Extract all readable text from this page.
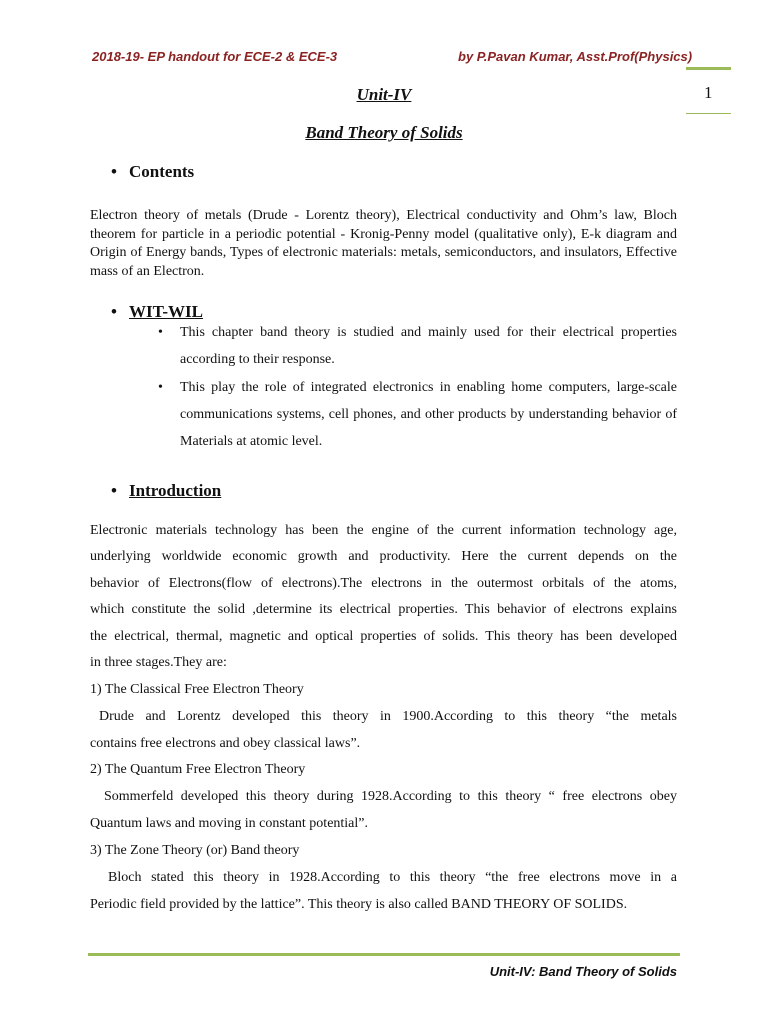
2018-19- EP handout for ECE-2 & ECE-3	by P.Pavan Kumar, Asst.Prof(Physics)
1
Unit-IV
Band Theory of Solids
• Contents
Electron theory of metals (Drude - Lorentz theory), Electrical conductivity and Ohm’s law, Bloch theorem for particle in a periodic potential - Kronig-Penny model (qualitative only), E-k diagram and Origin of Energy bands, Types of electronic materials: metals, semiconductors, and insulators, Effective mass of an Electron.
• WIT-WIL
• This chapter band theory is studied and mainly used for their electrical properties according to their response.
• This play the role of integrated electronics in enabling home computers, large-scale communications systems, cell phones, and other products by understanding behavior of Materials at atomic level.
• Introduction
Electronic materials technology has been the engine of the current information technology age,
underlying worldwide economic growth and productivity. Here the current depends on the
behavior of Electrons(flow of electrons).The electrons in the outermost orbitals of the atoms,
which constitute the solid ,determine its electrical properties. This behavior of electrons explains
the electrical, thermal, magnetic and optical properties of solids. This theory has been developed
in three stages.They are:
1) The Classical Free Electron Theory
Drude and Lorentz developed this theory in 1900.According to this theory “the metals
contains free electrons and obey classical laws”.
2) The Quantum Free Electron Theory
Sommerfeld developed this theory during 1928.According to this theory “ free electrons obey
Quantum laws and moving in constant potential”.
3) The Zone Theory (or) Band theory
Bloch stated this theory in 1928.According to this theory “the free electrons move in a
Periodic field provided by the lattice”. This theory is also called BAND THEORY OF SOLIDS.
Unit-IV: Band Theory of Solids
